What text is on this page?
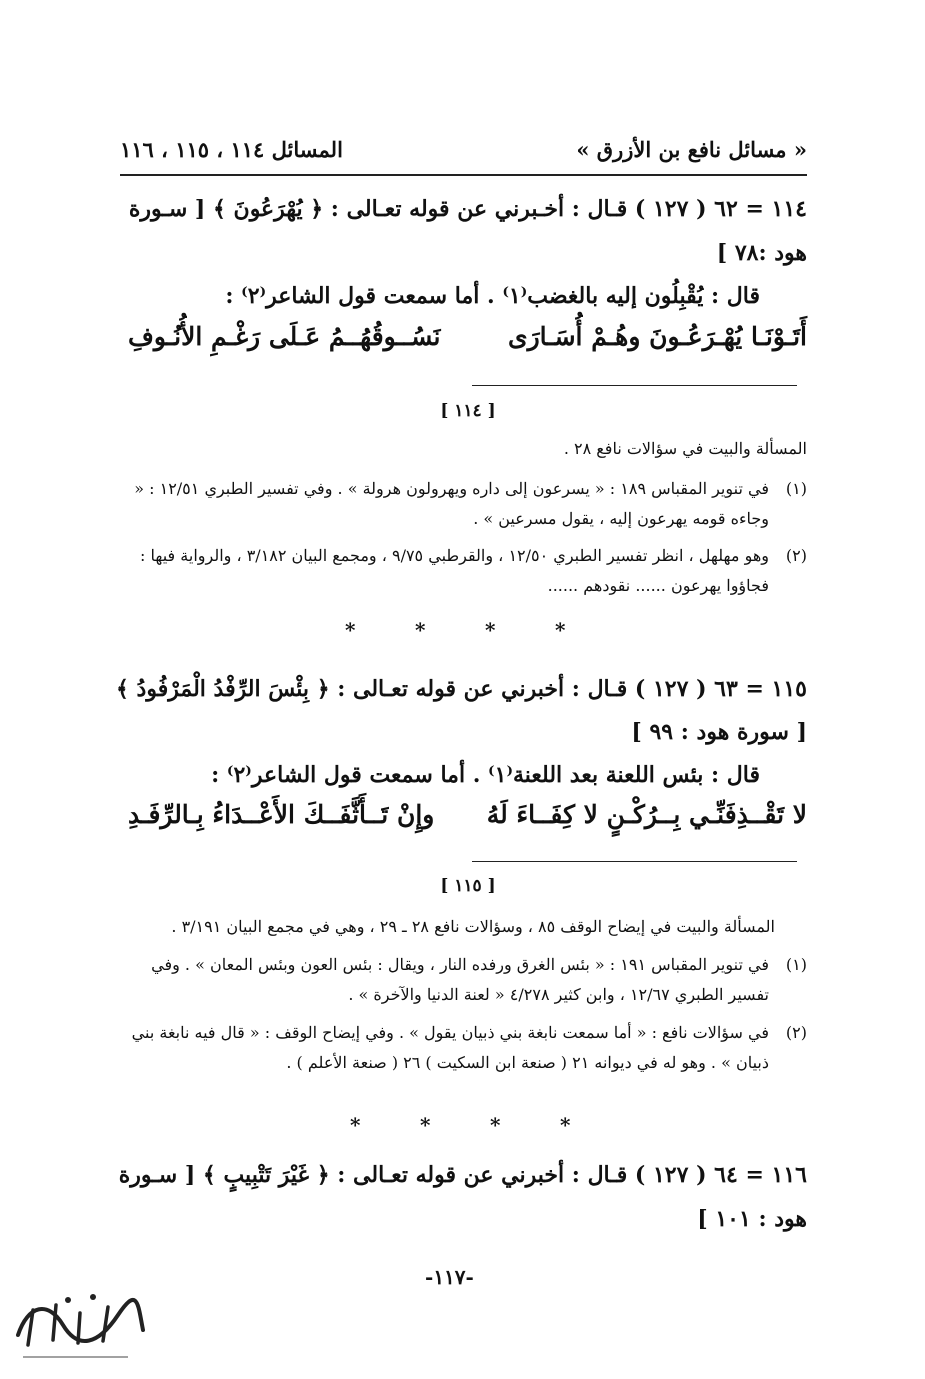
« مسائل نافع بن الأزرق »
المسائل ١١٤ ، ١١٥ ، ١١٦
١١٤ = ٦٢ ( ١٢٧ ) قـال : أخـبرني عن قوله تعـالى : ﴿ يُهْرَعُونَ ﴾ [ سـورة
هود :٧٨ ]
قال : يُقْبِلُون إليه بالغضب⁽١⁾ . أما سمعت قول الشاعر⁽٢⁾ :
أَتَـوْنَـا يُهْـرَعُـونَ وهُـمْ أُسَـارَى
نَسُــوقُهُــمُ عَـلَى رَغْـمِ الأُنُـوفِ
[ ١١٤ ]
المسألة والبيت في سؤالات نافع ٢٨ .
(١)
في تنوير المقباس ١٨٩ : « يسرعون إلى داره ويهرولون هرولة » . وفي تفسير الطبري ١٢/٥١ : « وجاءه قومه يهرعون إليه ، يقول مسرعين » .
(٢)
وهو مهلهل ، انظر تفسير الطبري ١٢/٥٠ ، والقرطبي ٩/٧٥ ، ومجمع البيان ٣/١٨٢ ، والرواية فيها : فجاؤوا يهرعون ...... نقودهم ......
*	*	*	*
١١٥ = ٦٣ ( ١٢٧ ) قـال : أخبرني عن قوله تعـالى : ﴿ بِئْسَ الرِّفْدُ الْمَرْفُودُ ﴾
[ سورة هود : ٩٩ ]
قال : بئس اللعنة بعد اللعنة⁽١⁾ . أما سمعت قول الشاعر⁽٢⁾ :
لا تَقْــذِفَنِّـي بِــرُكْـنٍ لا كِفَــاءَ لَهُ
وإِنْ تَــأَثَّفَــكَ الأَعْــدَاءُ بِـالرِّفَـدِ
[ ١١٥ ]
المسألة والبيت في إيضاح الوقف ٨٥ ، وسؤالات نافع ٢٨ ـ ٢٩ ، وهي في مجمع البيان ٣/١٩١ .
(١)
في تنوير المقباس ١٩١ : « بئس الغرق ورفده النار ، ويقال : بئس العون وبئس المعان » . وفي تفسير الطبري ١٢/٦٧ ، وابن كثير ٤/٢٧٨ « لعنة الدنيا والآخرة » .
(٢)
في سؤالات نافع : « أما سمعت نابغة بني ذبيان يقول » . وفي إيضاح الوقف : « قال فيه نابغة بني ذبيان » . وهو له في ديوانه ٢١ ( صنعة ابن السكيت ) ٢٦ ( صنعة الأعلم ) .
*	*	*	*
١١٦ = ٦٤ ( ١٢٧ ) قـال : أخبرني عن قوله تعـالى : ﴿ غَيْرَ تَتْبِيبٍ ﴾ [ سـورة
هود : ١٠١ ]
-١١٧-
